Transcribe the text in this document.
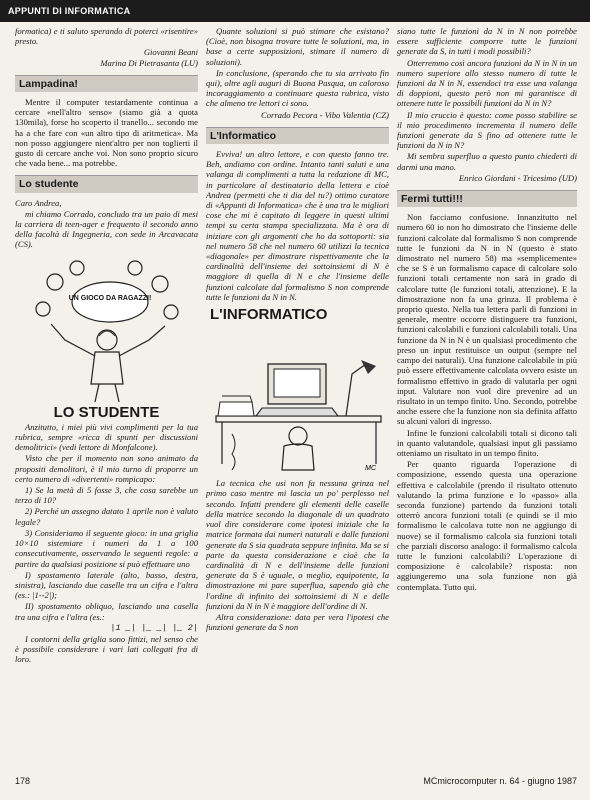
APPUNTI DI INFORMATICA

formatica) e ti saluto sperando di poterci «risentire» presto.

Giovanni Beani

Marina Di Pietrasanta (LU)

Lampadina!

Mentre il computer testardamente continua a cercare «nell'altro senso» (siamo già a quota 130mila), forse ho scoperto il tranello... secondo me ha a che fare con «un altro tipo di aritmetica». Ma non posso aggiungere nient'altro per non toglierti il gusto di cercare anche voi. Non sono proprio sicuro che vada bene... ma potrebbe.

Lo studente

Caro Andrea,

mi chiamo Corrado, concludo tra un paio di mesi la carriera di teen-ager e frequento il secondo anno della facoltà di Ingegneria, con sede in Arcavacata (CS).

UN GIOCO DA RAGAZZI!
LO STUDENTE

Anzitutto, i miei più vivi complimenti per la tua rubrica, sempre «ricca di spunti per discussioni demolitrici» (vedi lettore di Monfalcone).

Visto che per il momento non sono animato da propositi demolitori, è il mio turno di proporre un certo numero di «divertenti» rompicapo:

1) Se la metà di 5 fosse 3, che cosa sarebbe un terzo di 10?

2) Perché un assegno datato 1 aprile non è valuto legale?

3) Consideriamo il seguente gioco: in una griglia 10×10 sistemiare i numeri da 1 a 100 consecutivamente, osservando le seguenti regole: a partire da qualsiasi posizione si può effettuare uno

I) spostamento laterale (alto, basso, destra, sinistra), lasciando due caselle tra un cifra e l'altra (es.: |1--2|);

II) spostamento obliquo, lasciando una casella tra una cifra e l'altra (es.:

|1 _| |_ _| |_ 2|

I contorni della griglia sono fittizi, nel senso che è possibile considerare i vari lati collegati fra di loro.

Quante soluzioni si può stimare che esistano? (Cioè, non bisogna trovare tutte le soluzioni, ma, in base a certe supposizioni, stimare il numero di soluzioni).

In conclusione, (sperando che tu sia arrivato fin qui), oltre agli auguri di Buona Pasqua, un caloroso incoraggiamento a continuare questa rubrica, visto che almeno tre lettori ci sono.

Corrado Pecora - Vibo Valentia (CZ)

L'Informatico

Evviva! un altro lettore, e con questo fanno tre. Beh, andiamo con ordine. Intanto tanti saluti e una valanga di complimenti a tutta la redazione di MC, in particolare al destinatario della lettera e cioè Andrea (permetti che ti dia del tu?) ottimo curatore di «Appunti di Informatica» che è una tra le migliori cose che mi è capitato di leggere in questi ultimi tempi su certa stampa specializzata. Ma è ora di iniziare con gli argomenti che ho da sottoporti: sia nel numero 58 che nel numero 60 utilizzi la tecnica «diagonale» per dimostrare rispettivamente che la cardinalità dell'insieme dei sottoinsiemi di N è maggiore di quella di N e che l'insieme delle funzioni calcolate dal formalismo S non comprende tutte le funzioni da N in N.

L'INFORMATICO
MC

La tecnica che usi non fa nessuna grinza nel primo caso mentre mi lascia un po' perplesso nel secondo. Infatti prendere gli elementi delle caselle della matrice secondo la diagonale di un quadrato vuol dire considerare come ipotesi iniziale che la matrice formata dai numeri naturali e dalle funzioni generate da S sia quadrata seppure infinita. Ma se si parte da questa considerazione e cioè che la cardinalità di N e dell'insieme delle funzioni generate da S è uguale, o meglio, equipotente, la dimostrazione mi pare superflua, sapendo già che l'ordine di infinito dei sottoinsiemi di N e delle funzioni da N in N è maggiore dell'ordine di N.

Altra considerazione: data per vera l'ipotesi che funzioni generate da S non

siano tutte le funzioni da N in N non potrebbe essere sufficiente comporre tutte le funzioni generate da S, in tutti i modi possibili?

Otterremmo così ancora funzioni da N in N in un numero superiore allo stesso numero di tutte le funzioni da N in N, essendoci tra esse una valanga di doppioni, questo però non mi garantisce di ottenere tutte le possibili funzioni da N in N?

Il mio cruccio è questo: come posso stabilire se il mio procedimento incrementa il numero delle funzioni generate da S fino ad ottenere tutte le funzioni da N in N?

Mi sembra superfluo a questo punto chiederti di darmi una mano.

Enrico Giordani - Tricesimo (UD)

Fermi tutti!!!

Non facciamo confusione. Innanzitutto nel numero 60 io non ho dimostrato che l'insieme delle funzioni calcolate dal formalismo S non comprende tutte le funzioni da N in N (questo è stato dimostrato nel numero 58) ma «semplicemente» che se S è un formalismo capace di calcolare solo funzioni totali certamente non sarà in grado di calcolare tutte (le funzioni totali, attenzione). E la dimostrazione non fa una grinza. Il problema è proprio questo. Nella tua lettera parli di funzioni in generale, mentre occorre distinguere tra funzioni, funzioni calcolabili e funzioni calcolabili totali. Una funzione da N in N è un qualsiasi procedimento che preso un input restituisce un output (sempre nel campo dei naturali). Una funzione calcolabile in più può essere effettivamente calcolata ovvero esiste un formalismo effettivo in grado di valutarla per ogni input. Valutare non vuol dire prevenire ad un risultato in un tempo finito. Uno. Secondo, potrebbe anche essere che la funzione non sia definita affatto su alcuni valori di ingresso.

Infine le funzioni calcolabili totali si dicono tali in quanto valutandole, qualsiasi input gli passiamo otteniamo un risultato in un tempo finito.

Per quanto riguarda l'operazione di composizione, essendo questa una operazione effettiva e calcolabile (prendo il risultato ottenuto valutando la prima funzione e lo «passo» alla seconda funzione) partendo da funzioni totali otterrò ancora funzioni totali (e quindi se il mio formalismo le calcolava tutte non ne aggiungo di nuove) se il formalismo calcola sia funzioni totali che parziali discorso analogo: il formalismo calcola tutte le funzioni calcolabili? L'operazione di composizione è calcolabile? risposta: non aggiungeremo una sola funzione non già contemplata. Tutto qui.

178	MCmicrocomputer n. 64 - giugno 1987
